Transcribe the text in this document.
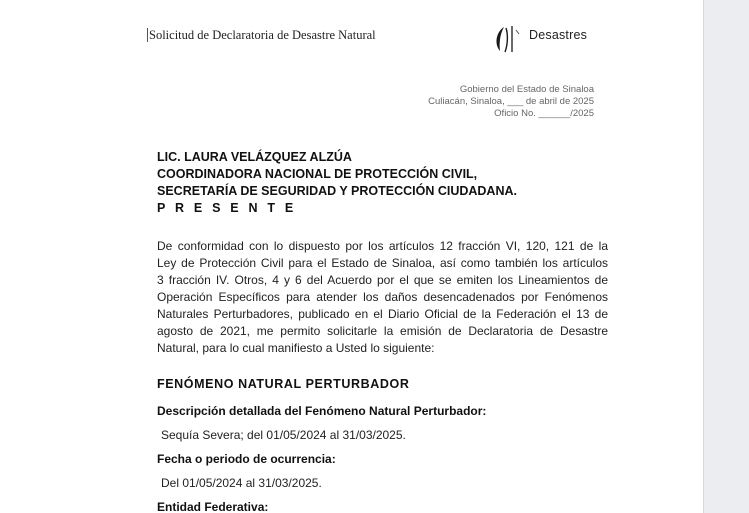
Solicitud de Declaratoria de Desastre Natural	Desastres
Gobierno del Estado de Sinaloa
Culiacán, Sinaloa, ___ de abril de 2025
Oficio No. ______/2025
LIC. LAURA VELÁZQUEZ ALZÚA
COORDINADORA NACIONAL DE PROTECCIÓN CIVIL,
SECRETARÍA DE SEGURIDAD Y PROTECCIÓN CIUDADANA.
P R E S E N T E
De conformidad con lo dispuesto por los artículos 12 fracción VI, 120, 121 de la
Ley de Protección Civil para el Estado de Sinaloa, así como también los artículos
3 fracción IV. Otros, 4 y 6 del Acuerdo por el que se emiten los Lineamientos de
Operación Específicos para atender los daños desencadenados por Fenómenos
Naturales Perturbadores, publicado en el Diario Oficial de la Federación el 13 de
agosto de 2021, me permito solicitarle la emisión de Declaratoria de Desastre
Natural, para lo cual manifiesto a Usted lo siguiente:
FENÓMENO NATURAL PERTURBADOR
Descripción detallada del Fenómeno Natural Perturbador:
Sequía Severa; del 01/05/2024 al 31/03/2025.
Fecha o periodo de ocurrencia:
Del 01/05/2024 al 31/03/2025.
Entidad Federativa:
